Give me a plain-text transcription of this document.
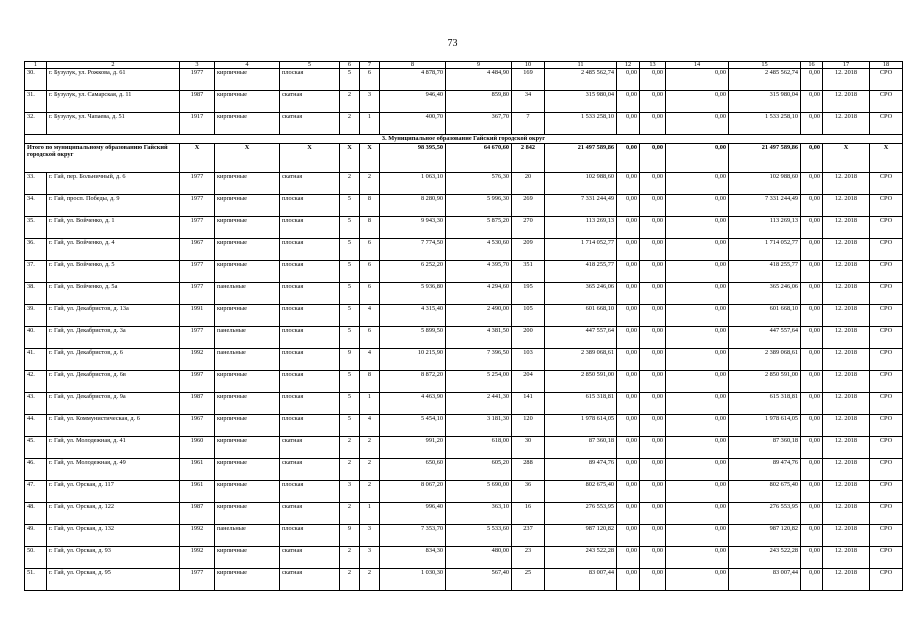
73
1	2	3	4	5	6	7	8	9	10	11	12	13	14	15	16	17	18
30.	г. Бузулук, ул. Рожкова, д. 61	1977	кирпичные	плоская	5	6	4 878,70	4 484,90	169	2 485 562,74	0,00	0,00	0,00	2 485 562,74	0,00	12. 2018	СРО
31.	г. Бузулук, ул. Самарская, д. 11	1987	кирпичные	скатная	2	3	946,40	859,80	34	315 980,04	0,00	0,00	0,00	315 980,04	0,00	12. 2018	СРО
32.	г. Бузулук, ул. Чапаева, д. 51	1917	кирпичные	скатная	2	1	400,70	367,70	7	1 533 258,10	0,00	0,00	0,00	1 533 258,10	0,00	12. 2018	СРО
3. Муниципальное образование Гайский городской округ																	
Итого по муниципальному образованию Гайский городской округ		Х	Х	Х	Х	Х	98 395,50	64 670,60	2 842	21 497 589,86	0,00	0,00	0,00	21 497 589,86	0,00	Х	Х
33.	г. Гай, пер. Больничный, д. 6	1977	кирпичные	скатная	2	2	1 063,10	576,30	20	102 988,60	0,00	0,00	0,00	102 988,60	0,00	12. 2018	СРО
34.	г. Гай, просп. Победы, д. 9	1977	кирпичные	плоская	5	8	8 280,90	5 996,30	269	7 331 244,49	0,00	0,00	0,00	7 331 244,49	0,00	12. 2018	СРО
35.	г. Гай, ул. Войченко, д. 1	1977	кирпичные	плоская	5	8	9 943,30	5 875,20	270	113 269,13	0,00	0,00	0,00	113 269,13	0,00	12. 2018	СРО
36.	г. Гай, ул. Войченко, д. 4	1967	кирпичные	плоская	5	6	7 774,50	4 530,60	209	1 714 052,77	0,00	0,00	0,00	1 714 052,77	0,00	12. 2018	СРО
37.	г. Гай, ул. Войченко, д. 5	1977	кирпичные	плоская	5	6	6 252,20	4 395,70	351	418 255,77	0,00	0,00	0,00	418 255,77	0,00	12. 2018	СРО
38.	г. Гай, ул. Войченко, д. 5а	1977	панельные	плоская	5	6	5 936,80	4 294,60	195	365 246,06	0,00	0,00	0,00	365 246,06	0,00	12. 2018	СРО
39.	г. Гай, ул. Декабристов, д. 13а	1991	кирпичные	плоская	5	4	4 315,40	2 490,00	105	601 668,10	0,00	0,00	0,00	601 668,10	0,00	12. 2018	СРО
40.	г. Гай, ул. Декабристов, д. 3а	1977	панельные	плоская	5	6	5 899,50	4 381,50	200	447 557,64	0,00	0,00	0,00	447 557,64	0,00	12. 2018	СРО
41.	г. Гай, ул. Декабристов, д. 6	1992	панельные	плоская	9	4	10 215,90	7 396,50	103	2 389 068,61	0,00	0,00	0,00	2 389 068,61	0,00	12. 2018	СРО
42.	г. Гай, ул. Декабристов, д. 6в	1997	кирпичные	плоская	5	8	8 872,20	5 254,00	204	2 850 591,00	0,00	0,00	0,00	2 850 591,00	0,00	12. 2018	СРО
43.	г. Гай, ул. Декабристов, д. 9а	1987	кирпичные	плоская	5	1	4 463,90	2 441,30	141	615 318,81	0,00	0,00	0,00	615 318,81	0,00	12. 2018	СРО
44.	г. Гай, ул. Коммунистическая, д. 6	1967	кирпичные	плоская	5	4	5 454,10	3 181,30	120	1 978 614,05	0,00	0,00	0,00	1 978 614,05	0,00	12. 2018	СРО
45.	г. Гай, ул. Молодежная, д. 41	1960	кирпичные	скатная	2	2	991,20	618,00	30	87 360,18	0,00	0,00	0,00	87 360,18	0,00	12. 2018	СРО
46.	г. Гай, ул. Молодежная, д. 49	1961	кирпичные	скатная	2	2	650,60	605,20	288	89 474,76	0,00	0,00	0,00	89 474,76	0,00	12. 2018	СРО
47.	г. Гай, ул. Орская, д. 117	1961	кирпичные	плоская	3	2	8 067,20	5 690,00	36	802 675,40	0,00	0,00	0,00	802 675,40	0,00	12. 2018	СРО
48.	г. Гай, ул. Орская, д. 122	1987	кирпичные	скатная	2	1	996,40	363,10	16	276 553,95	0,00	0,00	0,00	276 553,95	0,00	12. 2018	СРО
49.	г. Гай, ул. Орская, д. 132	1992	панельные	плоская	9	3	7 353,70	5 533,60	237	987 120,82	0,00	0,00	0,00	987 120,82	0,00	12. 2018	СРО
50.	г. Гай, ул. Орская, д. 93	1992	кирпичные	скатная	2	3	834,30	480,00	23	243 522,28	0,00	0,00	0,00	243 522,28	0,00	12. 2018	СРО
51.	г. Гай, ул. Орская, д. 95	1977	кирпичные	скатная	2	2	1 030,30	567,40	25	83 007,44	0,00	0,00	0,00	83 007,44	0,00	12. 2018	СРО
